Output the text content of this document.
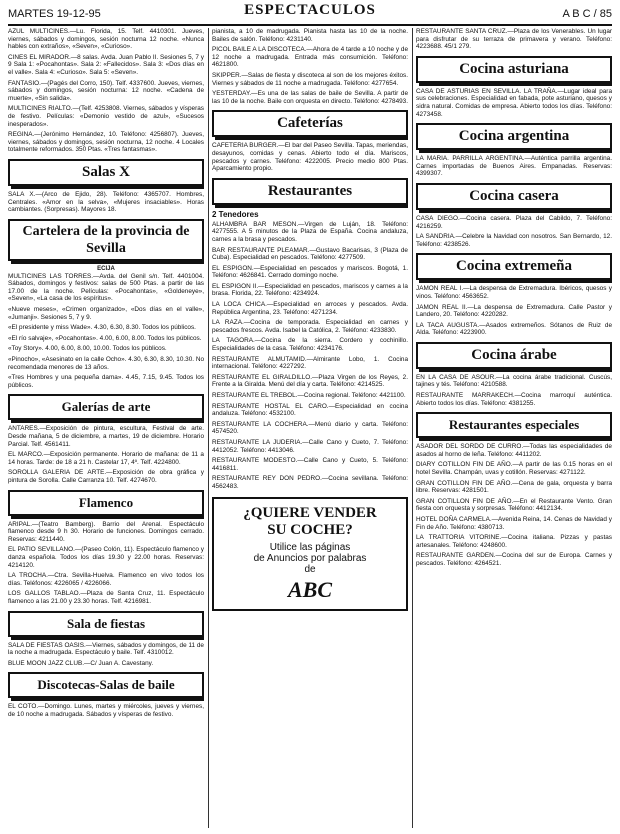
MARTES 19-12-95	ESPECTACULOS	A B C / 85

AZUL MULTICINES.—Lu. Florida, 15. Telf. 4410301. Jueves, viernes, sábados y domingos, sesión nocturna 12 noche. «Nunca hables con extraños», «Seven», «Curioso».

CINES EL MIRADOR.—8 salas. Avda. Juan Pablo II. Sesiones 5, 7 y 9 Sala 1: «Pocahontas». Sala 2: «Fallecidos». Sala 3: «Dos días en el valle». Sala 4: «Curioso». Sala 5: «Seven».

FANTASIO.—(Pagés del Corro, 150). Telf. 4337600. Jueves, viernes, sábados y domingos, sesión nocturna: 12 noche. «Cadena de muerte», «Sin salida».

MULTICINES RIALTO.—(Telf. 4253808. Viernes, sábados y vísperas de festivo. Películas: «Demonio vestido de azul», «Sucesos inesperados».

REGINA.—(Jerónimo Hernández, 10. Teléfono: 4256807). Jueves, viernes, sábados y domingos, sesión nocturna, 12 noche. 4 Locales totalmente reformados. 350 Ptas. «Tres fantasmas».

Salas X

SALA X.—(Arco de Ejido, 28). Teléfono: 4365707. Hombres, Centrales. «Amor en la selva», «Mujeres insaciables». Horas cambiantes. (Sorpresas). Mayores 18.

Cartelera de la provincia de Sevilla
ECIJA

MULTICINES LAS TORRES.—Avda. del Genil s/n. Telf. 4401004. Sábados, domingos y festivos: salas de 500 Ptas. a partir de las 17.00 de la noche. Películas: «Pocahontas», «Goldeneye», «Seven», «La casa de los espíritus».

«Nueve meses», «Crimen organizado», «Dos días en el valle», «Jumanji». Sesiones 5, 7 y 9.

«El presidente y miss Wade». 4.30, 6.30, 8.30. Todos los públicos.

«El río salvaje», «Pocahontas». 4.00, 6.00, 8.00. Todos los públicos.

«Toy Story». 4.00, 6.00, 8.00, 10.00. Todos los públicos.

«Pinocho», «Asesinato en la calle Ocho». 4.30, 6.30, 8.30, 10.30. No recomendada menores de 13 años.

«Tres Hombres y una pequeña dama». 4.45, 7.15, 9.45. Todos los públicos.

Galerías de arte

ANTARES.—Exposición de pintura, escultura, Festival de arte. Desde mañana, 5 de diciembre, a martes, 19 de diciembre. Horario Parcial. Telf. 4561411.

EL MARCO.—Exposición permanente. Horario de mañana: de 11 a 14 horas. Tarde: de 18 a 21 h. Castelar 17, 4º. Telf. 4224800.

SOROLLA GALERIA DE ARTE.—Exposición de obra gráfica y pintura de Sorolla. Calle Carranza 10. Telf. 4274670.

Flamenco

ARIPAL.—(Teatro Bamberg). Barrio del Arenal. Espectáculo flamenco desde 9 h 30. Horario de funciones. Domingos cerrado. Reservas: 4211440.

EL PATIO SEVILLANO.—(Paseo Colón, 11). Espectáculo flamenco y danza española. Todos los días 19.30 y 22.00 horas. Reservas: 4214120.

LA TROCHA.—Ctra. Sevilla-Huelva. Flamenco en vivo todos los días. Teléfonos: 4226065 / 4226066.

LOS GALLOS TABLAO.—Plaza de Santa Cruz, 11. Espectáculo flamenco a las 21.00 y 23.30 horas. Telf. 4216981.

Sala de fiestas

SALA DE FIESTAS OASIS.—Viernes, sábados y domingos, de 11 de la noche a madrugada. Espectáculo y baile. Telf. 4310012.

BLUE MOON JAZZ CLUB.—C/ Juan A. Cavestany.

Discotecas-Salas de baile

EL COTO.—Domingo. Lunes, martes y miércoles, jueves y viernes, de 10 noche a madrugada. Sábados y vísperas de festivo.

pianista, a 10 de madrugada. Pianista hasta las 10 de la noche. Bailes de salón. Teléfono: 4231140.

PICOL BAILE A LA DISCOTECA.—Ahora de 4 tarde a 10 noche y de 12 noche a madrugada. Entrada más consumición. Teléfono: 4621800.

SKIPPER.—Salas de fiesta y discoteca al son de los mejores éxitos. Viernes y sábados de 11 noche a madrugada. Teléfono: 4277654.

YESTERDAY.—Es una de las salas de baile de Sevilla. A partir de las 10 de la noche. Baile con orquesta en directo. Teléfono: 4278493.

Cafeterías

CAFETERIA BURGER.—El bar del Paseo Sevilla. Tapas, meriendas, desayunos, comidas y cenas. Abierto todo el día. Mariscos, pescados y carnes. Teléfono: 4222005. Precio medio 800 Ptas. Aparcamiento propio.

Restaurantes
2 Tenedores

ALHAMBRA BAR MESON.—Virgen de Luján, 18. Teléfono: 4277555. A 5 minutos de la Plaza de España. Cocina andaluza, carnes a la brasa y pescados.

BAR RESTAURANTE PLEAMAR.—Gustavo Bacarisas, 3 (Plaza de Cuba). Especialidad en pescados. Teléfono: 4277509.

EL ESPIGON.—Especialidad en pescados y mariscos. Bogotá, 1. Teléfono: 4626841. Cerrado domingo noche.

EL ESPIGON II.—Especialidad en pescados, mariscos y carnes a la brasa. Florida, 22. Teléfono: 4234924.

LA LOCA CHICA.—Especialidad en arroces y pescados. Avda. República Argentina, 23. Teléfono: 4271234.

LA RAZA.—Cocina de temporada. Especialidad en carnes y pescados frescos. Avda. Isabel la Católica, 2. Teléfono: 4233830.

LA TAGORA.—Cocina de la sierra. Cordero y cochinillo. Especialidades de la casa. Teléfono: 4234176.

RESTAURANTE ALMUTAMID.—Almirante Lobo, 1. Cocina internacional. Teléfono: 4227292.

RESTAURANTE EL GIRALDILLO.—Plaza Virgen de los Reyes, 2. Frente a la Giralda. Menú del día y carta. Teléfono: 4214525.

RESTAURANTE EL TREBOL.—Cocina regional. Teléfono: 4421100.

RESTAURANTE HOSTAL EL CARO.—Especialidad en cocina andaluza. Teléfono: 4532100.

RESTAURANTE LA COCHERA.—Menú diario y carta. Teléfono: 4574520.

RESTAURANTE LA JUDERIA.—Calle Cano y Cueto, 7. Teléfono: 4412052. Teléfono: 4413046.

RESTAURANTE MODESTO.—Calle Cano y Cueto, 5. Teléfono: 4416811.

RESTAURANTE REY DON PEDRO.—Cocina sevillana. Teléfono: 4562483.

¿QUIERE VENDER
SU COCHE?
Utilice las páginas
de Anuncios por palabras
de
ABC

RESTAURANTE SANTA CRUZ.—Plaza de los Venerables. Un lugar para disfrutar de su terraza de primavera y verano. Teléfono: 4223688. 45/1 279.

Cocina asturiana

CASA DE ASTURIAS EN SEVILLA. LA TRAÑA.—Lugar ideal para sus celebraciones. Especialidad en fabada, pote asturiano, quesos y sidra natural. Comidas de empresa. Abierto todos los días. Teléfono: 4273458.

Cocina argentina

LA MARIA. PARRILLA ARGENTINA.—Auténtica parrilla argentina. Carnes importadas de Buenos Aires. Empanadas. Reservas: 4399307.

Cocina casera

CASA DIEGO.—Cocina casera. Plaza del Cabildo, 7. Teléfono: 4216259.

LA SANDRIA.—Celebre la Navidad con nosotros. San Bernardo, 12. Teléfono: 4238526.

Cocina extremeña

JAMON REAL I.—La despensa de Extremadura. Ibéricos, quesos y vinos. Teléfono: 4563652.

JAMON REAL II.—La despensa de Extremadura. Calle Pastor y Landero, 20. Teléfono: 4220282.

LA TACA AUGUSTA.—Asados extremeños. Sótanos de Ruiz de Alda. Teléfono: 4223900.

Cocina árabe

EN LA CASA DE ASOUR.—La cocina árabe tradicional. Cuscús, tajines y tés. Teléfono: 4210588.

RESTAURANTE MARRAKECH.—Cocina marroquí auténtica. Abierto todos los días. Teléfono: 4381255.

Restaurantes especiales

ASADOR DEL SORDO DE CURRO.—Todas las especialidades de asados al horno de leña. Teléfono: 4411202.

DIARY COTILLON FIN DE AÑO.—A partir de las 0.15 horas en el hotel Sevilla. Champán, uvas y cotillón. Reservas: 4271122.

GRAN COTILLON FIN DE AÑO.—Cena de gala, orquesta y barra libre. Reservas: 4281501.

GRAN COTILLON FIN DE AÑO.—En el Restaurante Vento. Gran fiesta con orquesta y sorpresas. Teléfono: 4412134.

HOTEL DOÑA CARMELA.—Avenida Reina, 14. Cenas de Navidad y Fin de Año. Teléfono: 4380713.

LA TRATTORIA VITORINE.—Cocina italiana. Pizzas y pastas artesanales. Teléfono: 4248600.

RESTAURANTE GARDEN.—Cocina del sur de Europa. Carnes y pescados. Teléfono: 4264521.
